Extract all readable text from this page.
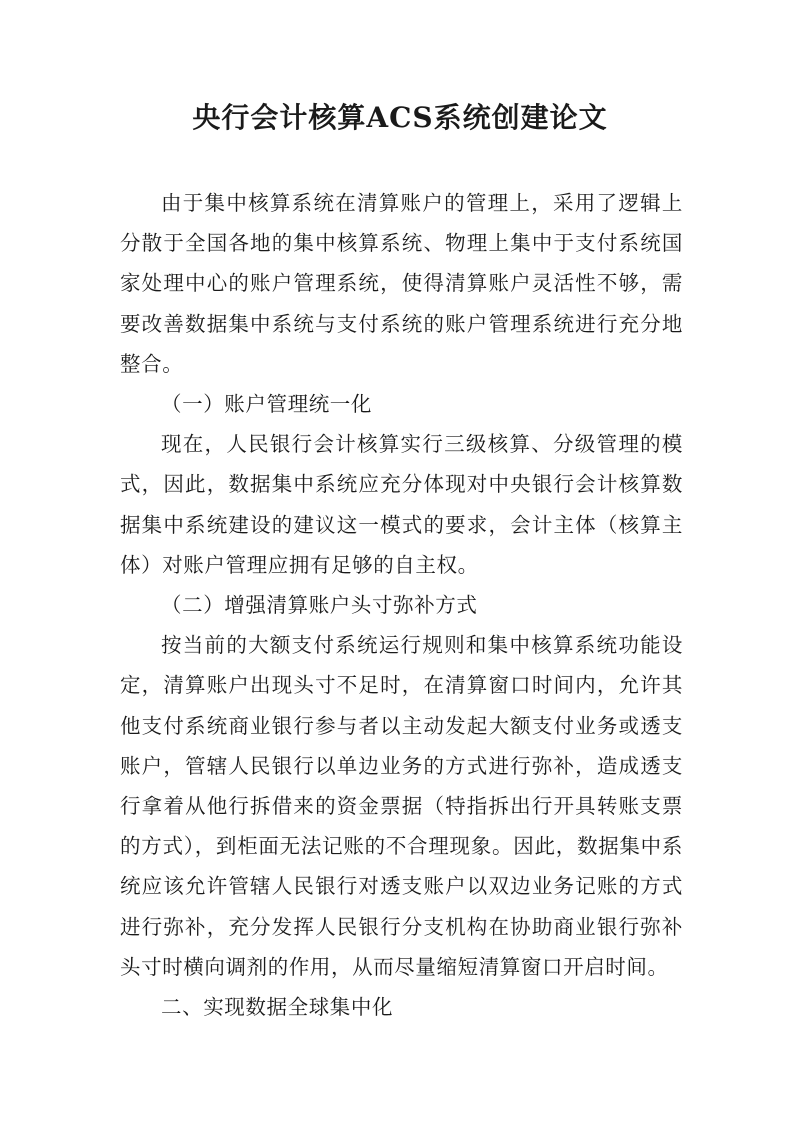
央行会计核算ACS系统创建论文

由于集中核算系统在清算账户的管理上，采用了逻辑上分散于全国各地的集中核算系统、物理上集中于支付系统国家处理中心的账户管理系统，使得清算账户灵活性不够，需要改善数据集中系统与支付系统的账户管理系统进行充分地整合。

（一）账户管理统一化

现在，人民银行会计核算实行三级核算、分级管理的模式，因此，数据集中系统应充分体现对中央银行会计核算数据集中系统建设的建议这一模式的要求，会计主体（核算主体）对账户管理应拥有足够的自主权。

（二）增强清算账户头寸弥补方式

按当前的大额支付系统运行规则和集中核算系统功能设定，清算账户出现头寸不足时，在清算窗口时间内，允许其他支付系统商业银行参与者以主动发起大额支付业务或透支账户，管辖人民银行以单边业务的方式进行弥补，造成透支行拿着从他行拆借来的资金票据（特指拆出行开具转账支票的方式），到柜面无法记账的不合理现象。因此，数据集中系统应该允许管辖人民银行对透支账户以双边业务记账的方式进行弥补，充分发挥人民银行分支机构在协助商业银行弥补头寸时横向调剂的作用，从而尽量缩短清算窗口开启时间。

二、实现数据全球集中化
